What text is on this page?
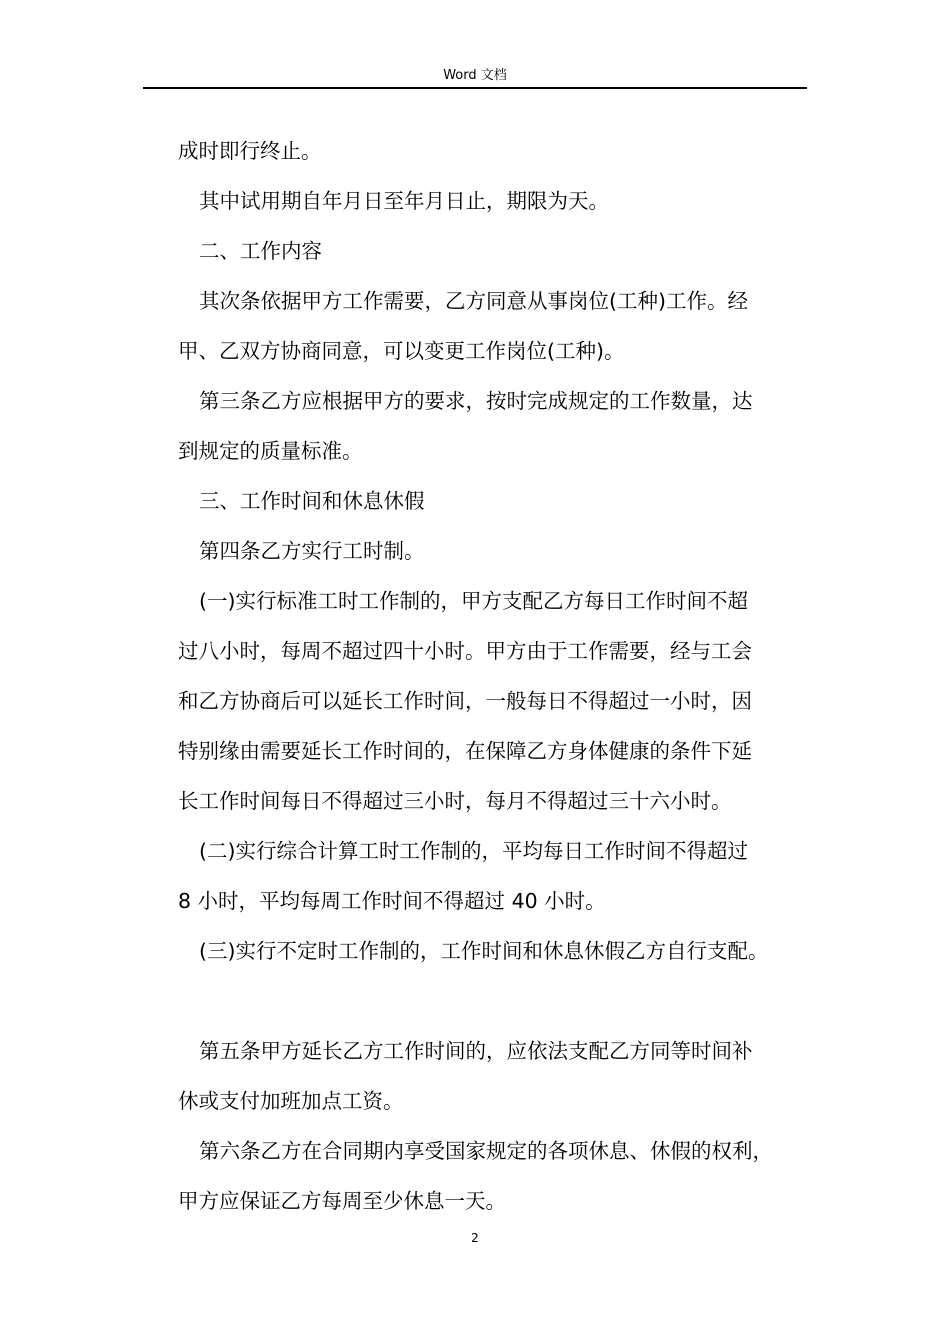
Word 文档

成时即行终止。

其中试用期自年月日至年月日止，期限为天。

二、工作内容

其次条依据甲方工作需要，乙方同意从事岗位(工种)工作。经

甲、乙双方协商同意，可以变更工作岗位(工种)。

第三条乙方应根据甲方的要求，按时完成规定的工作数量，达

到规定的质量标准。

三、工作时间和休息休假

第四条乙方实行工时制。

(一)实行标准工时工作制的，甲方支配乙方每日工作时间不超

过八小时，每周不超过四十小时。甲方由于工作需要，经与工会

和乙方协商后可以延长工作时间，一般每日不得超过一小时，因

特别缘由需要延长工作时间的，在保障乙方身体健康的条件下延

长工作时间每日不得超过三小时，每月不得超过三十六小时。

(二)实行综合计算工时工作制的，平均每日工作时间不得超过

8 小时，平均每周工作时间不得超过 40 小时。

(三)实行不定时工作制的，工作时间和休息休假乙方自行支配。

第五条甲方延长乙方工作时间的，应依法支配乙方同等时间补

休或支付加班加点工资。

第六条乙方在合同期内享受国家规定的各项休息、休假的权利，

甲方应保证乙方每周至少休息一天。

2
